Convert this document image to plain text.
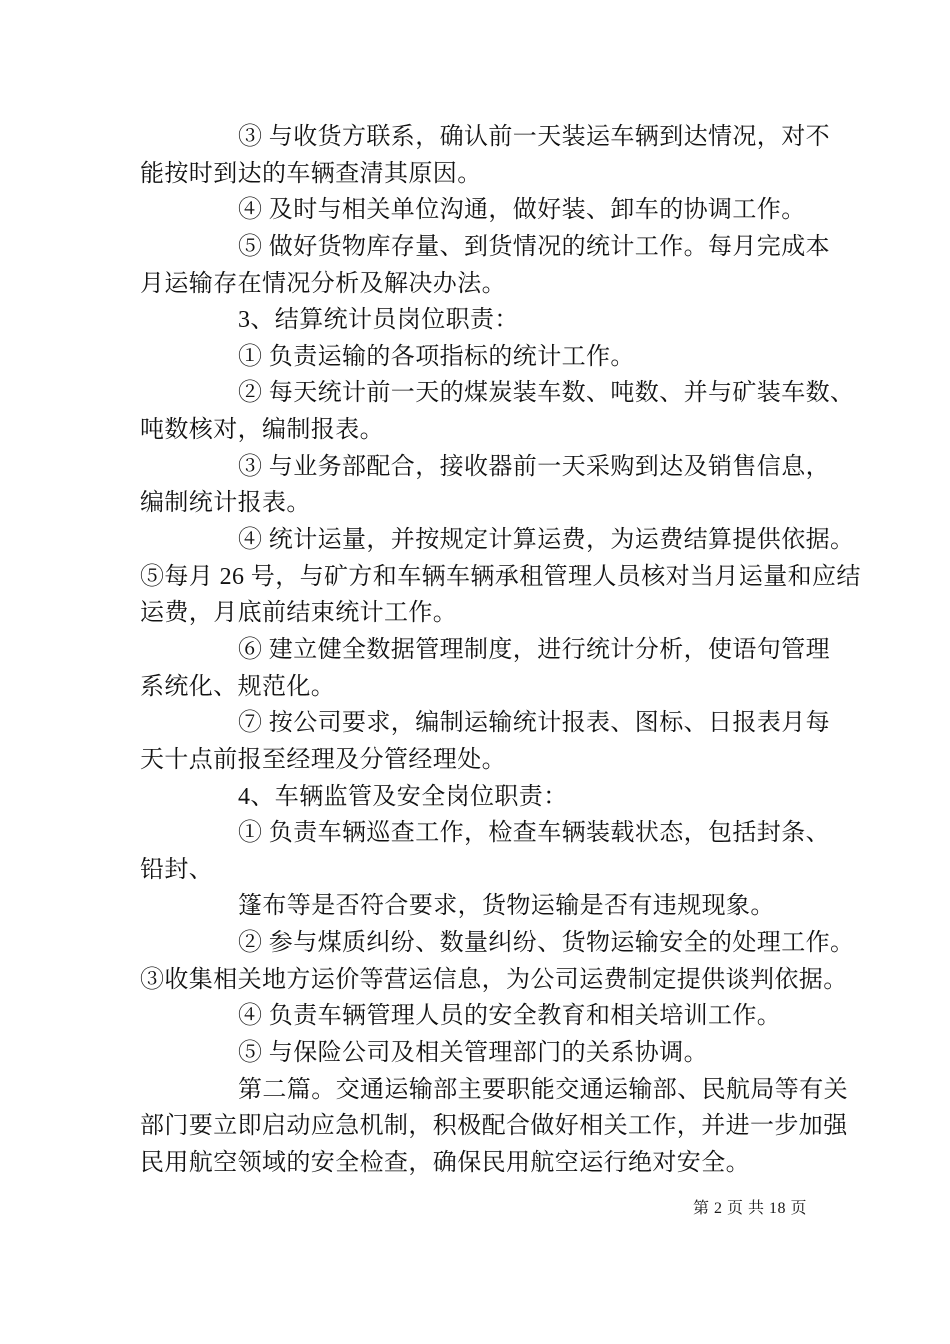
③ 与收货方联系，确认前一天装运车辆到达情况，对不
能按时到达的车辆查清其原因。
④ 及时与相关单位沟通，做好装、卸车的协调工作。
⑤ 做好货物库存量、到货情况的统计工作。每月完成本
月运输存在情况分析及解决办法。
3、结算统计员岗位职责：
① 负责运输的各项指标的统计工作。
② 每天统计前一天的煤炭装车数、吨数、并与矿装车数、
吨数核对，编制报表。
③ 与业务部配合，接收器前一天采购到达及销售信息，
编制统计报表。
④ 统计运量，并按规定计算运费，为运费结算提供依据。
⑤每月 26 号，与矿方和车辆车辆承租管理人员核对当月运量和应结
运费，月底前结束统计工作。
⑥ 建立健全数据管理制度，进行统计分析，使语句管理
系统化、规范化。
⑦ 按公司要求，编制运输统计报表、图标、日报表月每
天十点前报至经理及分管经理处。
4、车辆监管及安全岗位职责：
① 负责车辆巡查工作，检查车辆装载状态，包括封条、
铅封、
篷布等是否符合要求，货物运输是否有违规现象。
② 参与煤质纠纷、数量纠纷、货物运输安全的处理工作。
③收集相关地方运价等营运信息，为公司运费制定提供谈判依据。
④ 负责车辆管理人员的安全教育和相关培训工作。
⑤ 与保险公司及相关管理部门的关系协调。
第二篇。交通运输部主要职能交通运输部、民航局等有关
部门要立即启动应急机制，积极配合做好相关工作，并进一步加强
民用航空领域的安全检查，确保民用航空运行绝对安全。
第 2 页 共 18 页
